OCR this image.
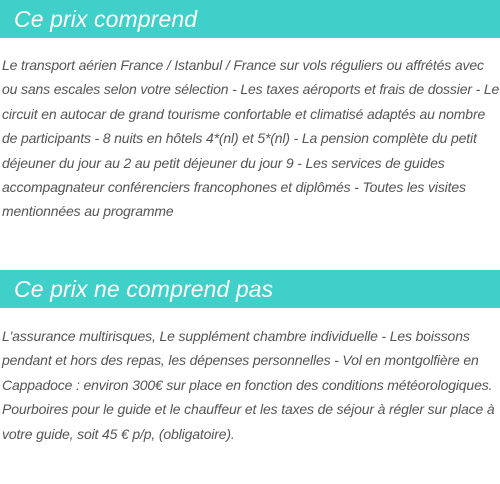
Ce prix comprend

Le transport aérien France / Istanbul / France sur vols réguliers ou affrétés avec ou sans escales selon votre sélection - Les taxes aéroports et frais de dossier - Le circuit en autocar de grand tourisme confortable et climatisé adaptés au nombre de participants - 8 nuits en hôtels 4*(nl) et 5*(nl) - La pension complète du petit déjeuner du jour au 2 au petit déjeuner du jour 9 - Les services de guides accompagnateur conférenciers francophones et diplômés - Toutes les visites mentionnées au programme

Ce prix ne comprend pas

L'assurance multirisques, Le supplément chambre individuelle - Les boissons pendant et hors des repas, les dépenses personnelles - Vol en montgolfière en Cappadoce : environ 300€ sur place en fonction des conditions météorologiques.

Pourboires pour le guide et le chauffeur et les taxes de séjour à régler sur place à votre guide, soit 45 € p/p, (obligatoire).
